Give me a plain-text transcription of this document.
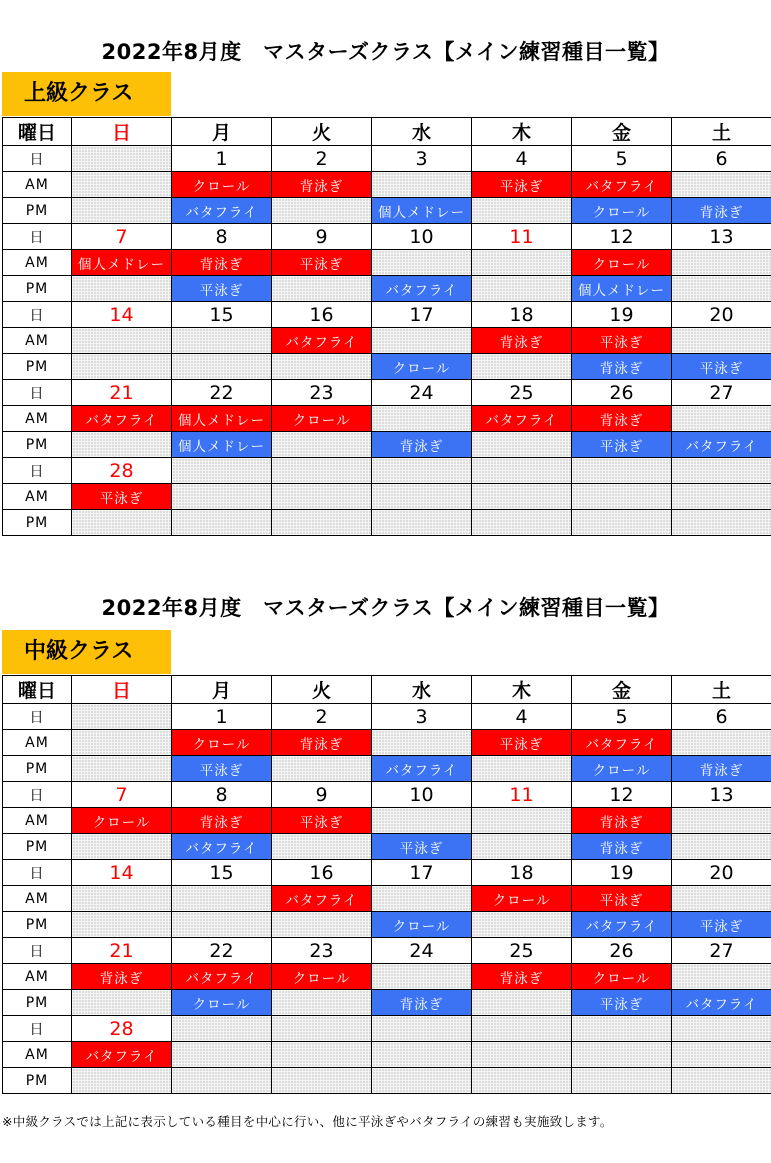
2022年8月度　マスターズクラス【メイン練習種目一覧】
上級クラス
曜日	日	月	火	水	木	金	土
日		1	2	3	4	5	6
AM		クロール	背泳ぎ		平泳ぎ	バタフライ	
PM		バタフライ		個人メドレー		クロール	背泳ぎ
日	7	8	9	10	11	12	13
AM	個人メドレー	背泳ぎ	平泳ぎ			クロール	
PM		平泳ぎ		バタフライ		個人メドレー	
日	14	15	16	17	18	19	20
AM			バタフライ		背泳ぎ	平泳ぎ	
PM				クロール		背泳ぎ	平泳ぎ
日	21	22	23	24	25	26	27
AM	バタフライ	個人メドレー	クロール		バタフライ	背泳ぎ	
PM		個人メドレー		背泳ぎ		平泳ぎ	バタフライ
日	28						
AM	平泳ぎ						
PM							
2022年8月度　マスターズクラス【メイン練習種目一覧】
中級クラス
曜日	日	月	火	水	木	金	土
日		1	2	3	4	5	6
AM		クロール	背泳ぎ		平泳ぎ	バタフライ	
PM		平泳ぎ		バタフライ		クロール	背泳ぎ
日	7	8	9	10	11	12	13
AM	クロール	背泳ぎ	平泳ぎ			背泳ぎ	
PM		バタフライ		平泳ぎ		背泳ぎ	
日	14	15	16	17	18	19	20
AM			バタフライ		クロール	平泳ぎ	
PM				クロール		バタフライ	平泳ぎ
日	21	22	23	24	25	26	27
AM	背泳ぎ	バタフライ	クロール		背泳ぎ	クロール	
PM		クロール		背泳ぎ		平泳ぎ	バタフライ
日	28						
AM	バタフライ						
PM							
※中級クラスでは上記に表示している種目を中心に行い、他に平泳ぎやバタフライの練習も実施致します。
